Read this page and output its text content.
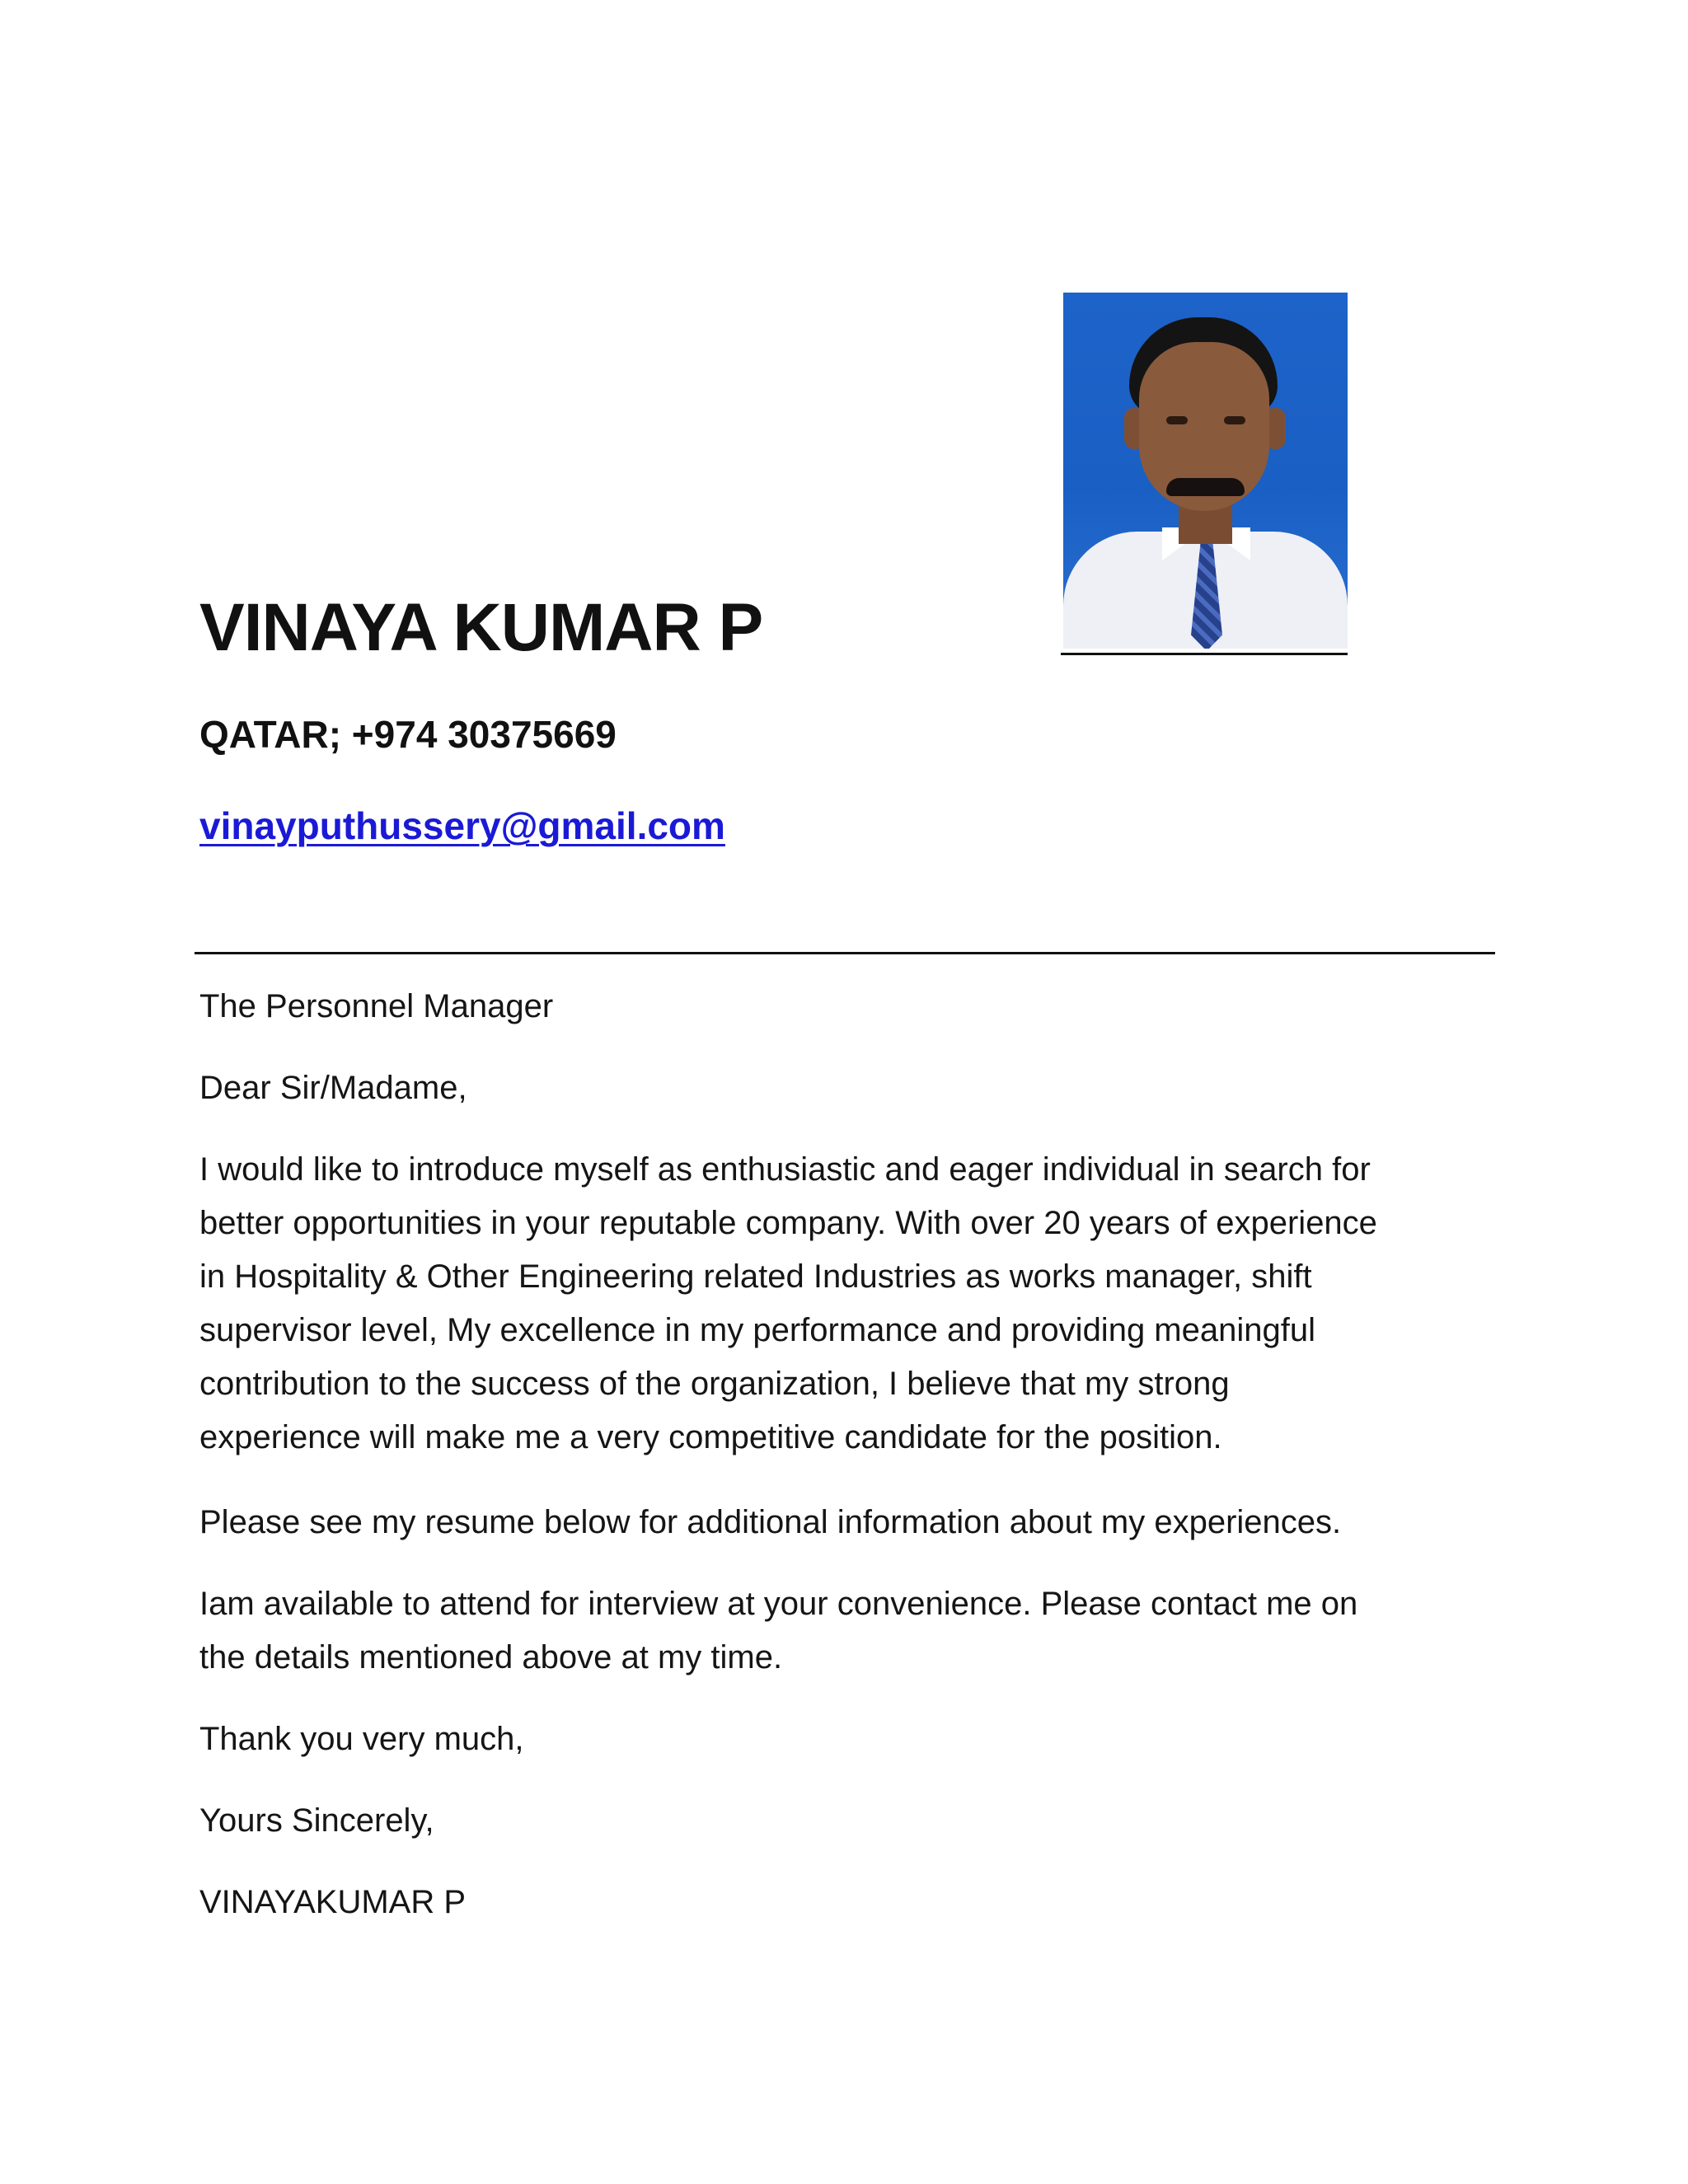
VINAYA KUMAR P
QATAR; +974 30375669
vinayputhussery@gmail.com
The Personnel Manager
Dear Sir/Madame,
I would like to introduce myself as enthusiastic and eager individual in search for
better opportunities in your reputable company. With over 20 years of experience
in Hospitality & Other Engineering related Industries as works manager, shift
supervisor level, My excellence in my performance and providing meaningful
contribution to the success of the organization, I believe that my strong
experience will make me a very competitive candidate for the position.
Please see my resume below for additional information about my experiences.
Iam available to attend for interview at your convenience. Please contact me on
the details mentioned above at my time.
Thank you very much,
Yours Sincerely,
VINAYAKUMAR P
